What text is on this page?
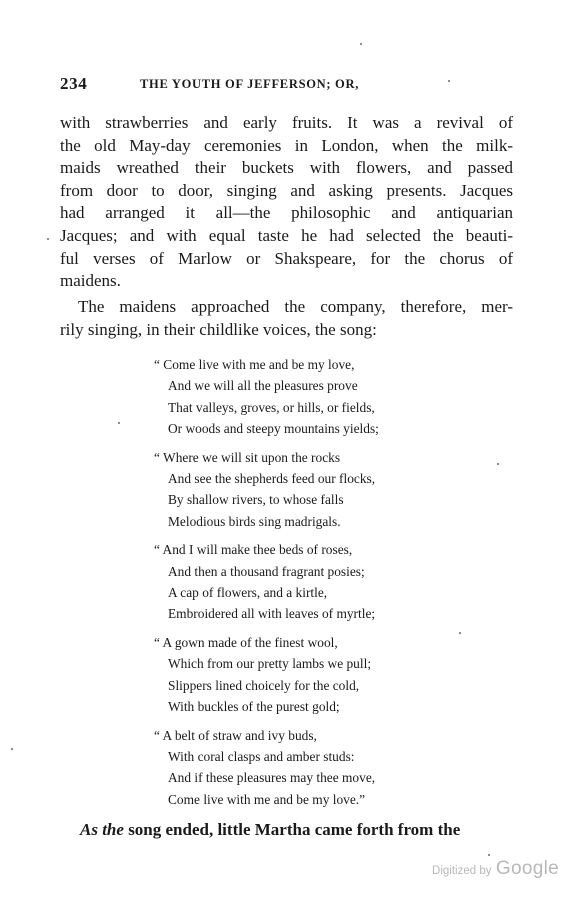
234	THE YOUTH OF JEFFERSON; OR,
with strawberries and early fruits. It was a revival of
the old May-day ceremonies in London, when the milk-
maids wreathed their buckets with flowers, and passed
from door to door, singing and asking presents. Jacques
had arranged it all—the philosophic and antiquarian
Jacques; and with equal taste he had selected the beauti-
ful verses of Marlow or Shakspeare, for the chorus of
maidens.
The maidens approached the company, therefore, mer-
rily singing, in their childlike voices, the song:
“ Come live with me and be my love,
And we will all the pleasures prove
That valleys, groves, or hills, or fields,
Or woods and steepy mountains yields;
“ Where we will sit upon the rocks
And see the shepherds feed our flocks,
By shallow rivers, to whose falls
Melodious birds sing madrigals.
“ And I will make thee beds of roses,
And then a thousand fragrant posies;
A cap of flowers, and a kirtle,
Embroidered all with leaves of myrtle;
“ A gown made of the finest wool,
Which from our pretty lambs we pull;
Slippers lined choicely for the cold,
With buckles of the purest gold;
“ A belt of straw and ivy buds,
With coral clasps and amber studs:
And if these pleasures may thee move,
Come live with me and be my love.”
As the song ended, little Martha came forth from the
Digitized by Google
